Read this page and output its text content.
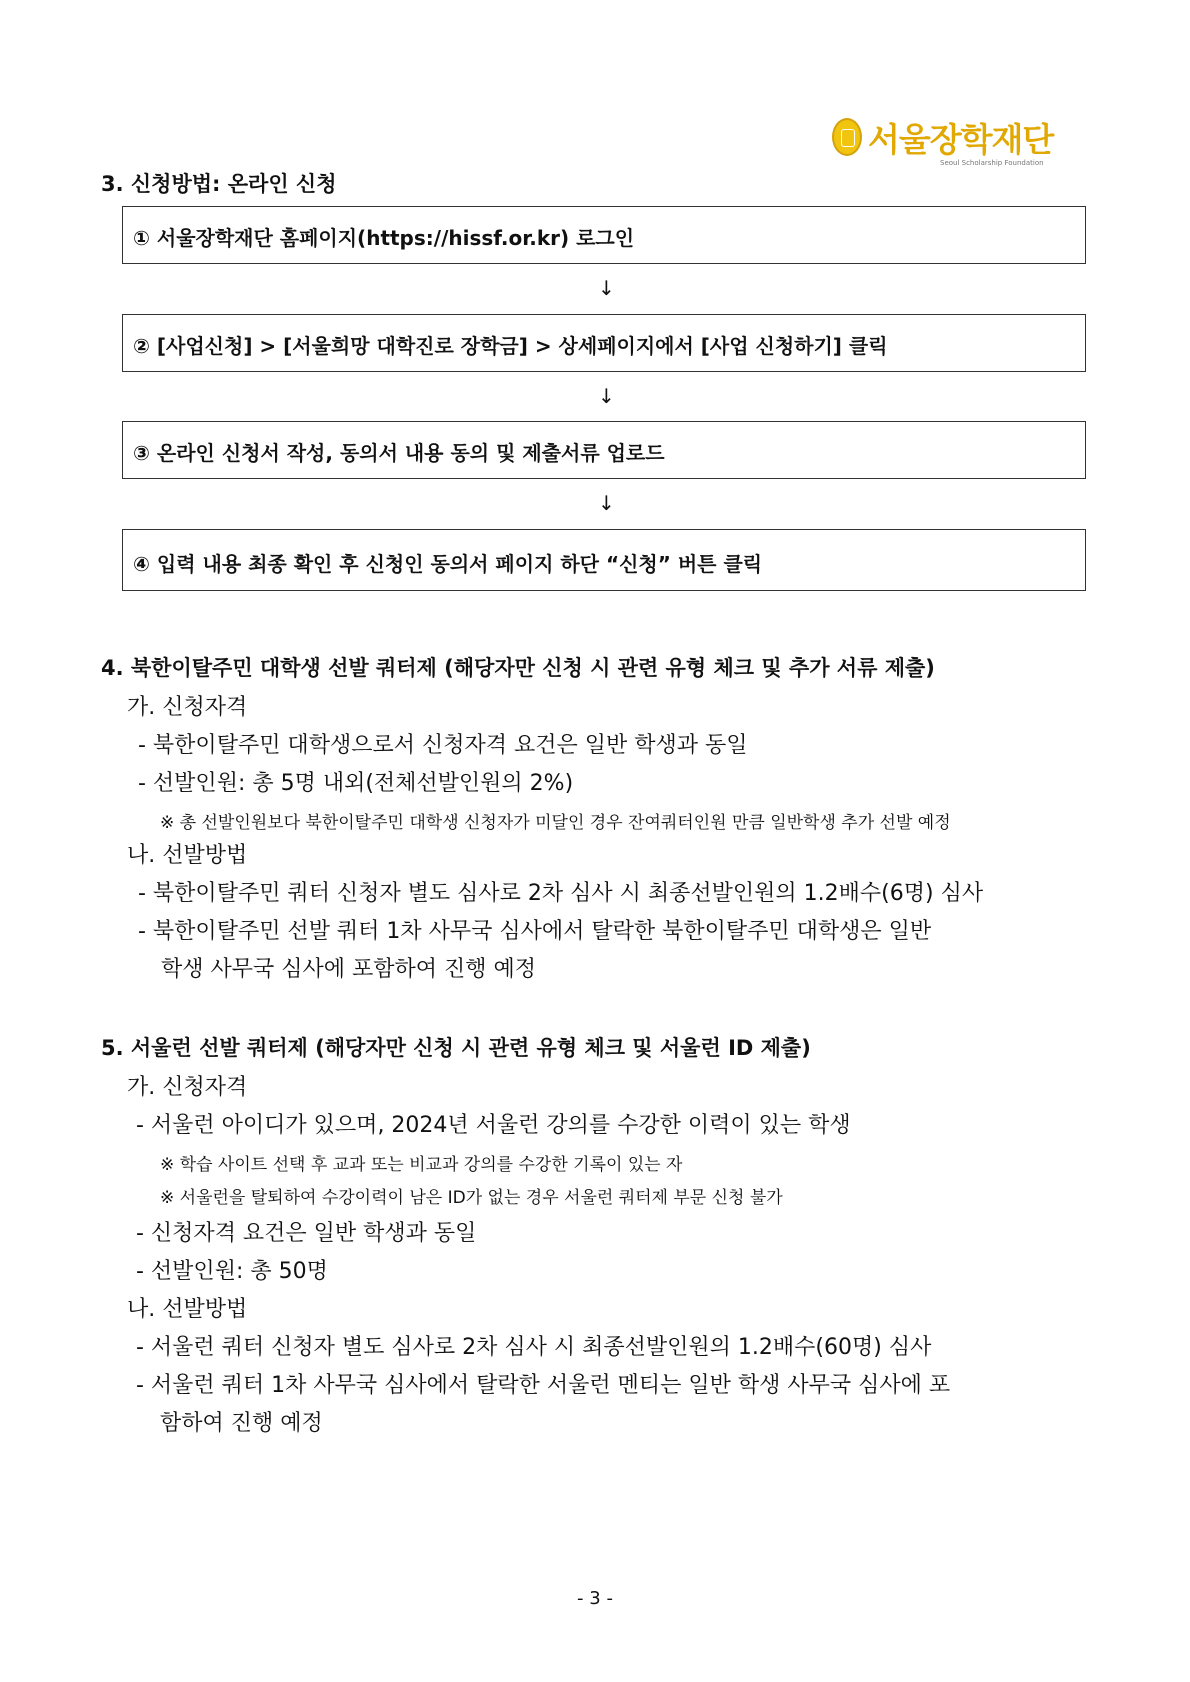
서울장학재단
Seoul Scholarship Foundation
3. 신청방법: 온라인 신청
① 서울장학재단 홈페이지(https://hissf.or.kr) 로그인
↓
② [사업신청] > [서울희망 대학진로 장학금] > 상세페이지에서 [사업 신청하기] 클릭
↓
③ 온라인 신청서 작성, 동의서 내용 동의 및 제출서류 업로드
↓
④ 입력 내용 최종 확인 후 신청인 동의서 페이지 하단 “신청” 버튼 클릭
4. 북한이탈주민 대학생 선발 쿼터제 (해당자만 신청 시 관련 유형 체크 및 추가 서류 제출)
가. 신청자격
- 북한이탈주민 대학생으로서 신청자격 요건은 일반 학생과 동일
- 선발인원: 총 5명 내외(전체선발인원의 2%)
※ 총 선발인원보다 북한이탈주민 대학생 신청자가 미달인 경우 잔여쿼터인원 만큼 일반학생 추가 선발 예정
나. 선발방법
- 북한이탈주민 쿼터 신청자 별도 심사로 2차 심사 시 최종선발인원의 1.2배수(6명) 심사
- 북한이탈주민 선발 쿼터 1차 사무국 심사에서 탈락한 북한이탈주민 대학생은 일반
학생 사무국 심사에 포함하여 진행 예정
5. 서울런 선발 쿼터제 (해당자만 신청 시 관련 유형 체크 및 서울런 ID 제출)
가. 신청자격
- 서울런 아이디가 있으며, 2024년 서울런 강의를 수강한 이력이 있는 학생
※ 학습 사이트 선택 후 교과 또는 비교과 강의를 수강한 기록이 있는 자
※ 서울런을 탈퇴하여 수강이력이 남은 ID가 없는 경우 서울런 쿼터제 부문 신청 불가
- 신청자격 요건은 일반 학생과 동일
- 선발인원: 총 50명
나. 선발방법
- 서울런 쿼터 신청자 별도 심사로 2차 심사 시 최종선발인원의 1.2배수(60명) 심사
- 서울런 쿼터 1차 사무국 심사에서 탈락한 서울런 멘티는 일반 학생 사무국 심사에 포
함하여 진행 예정
- 3 -
